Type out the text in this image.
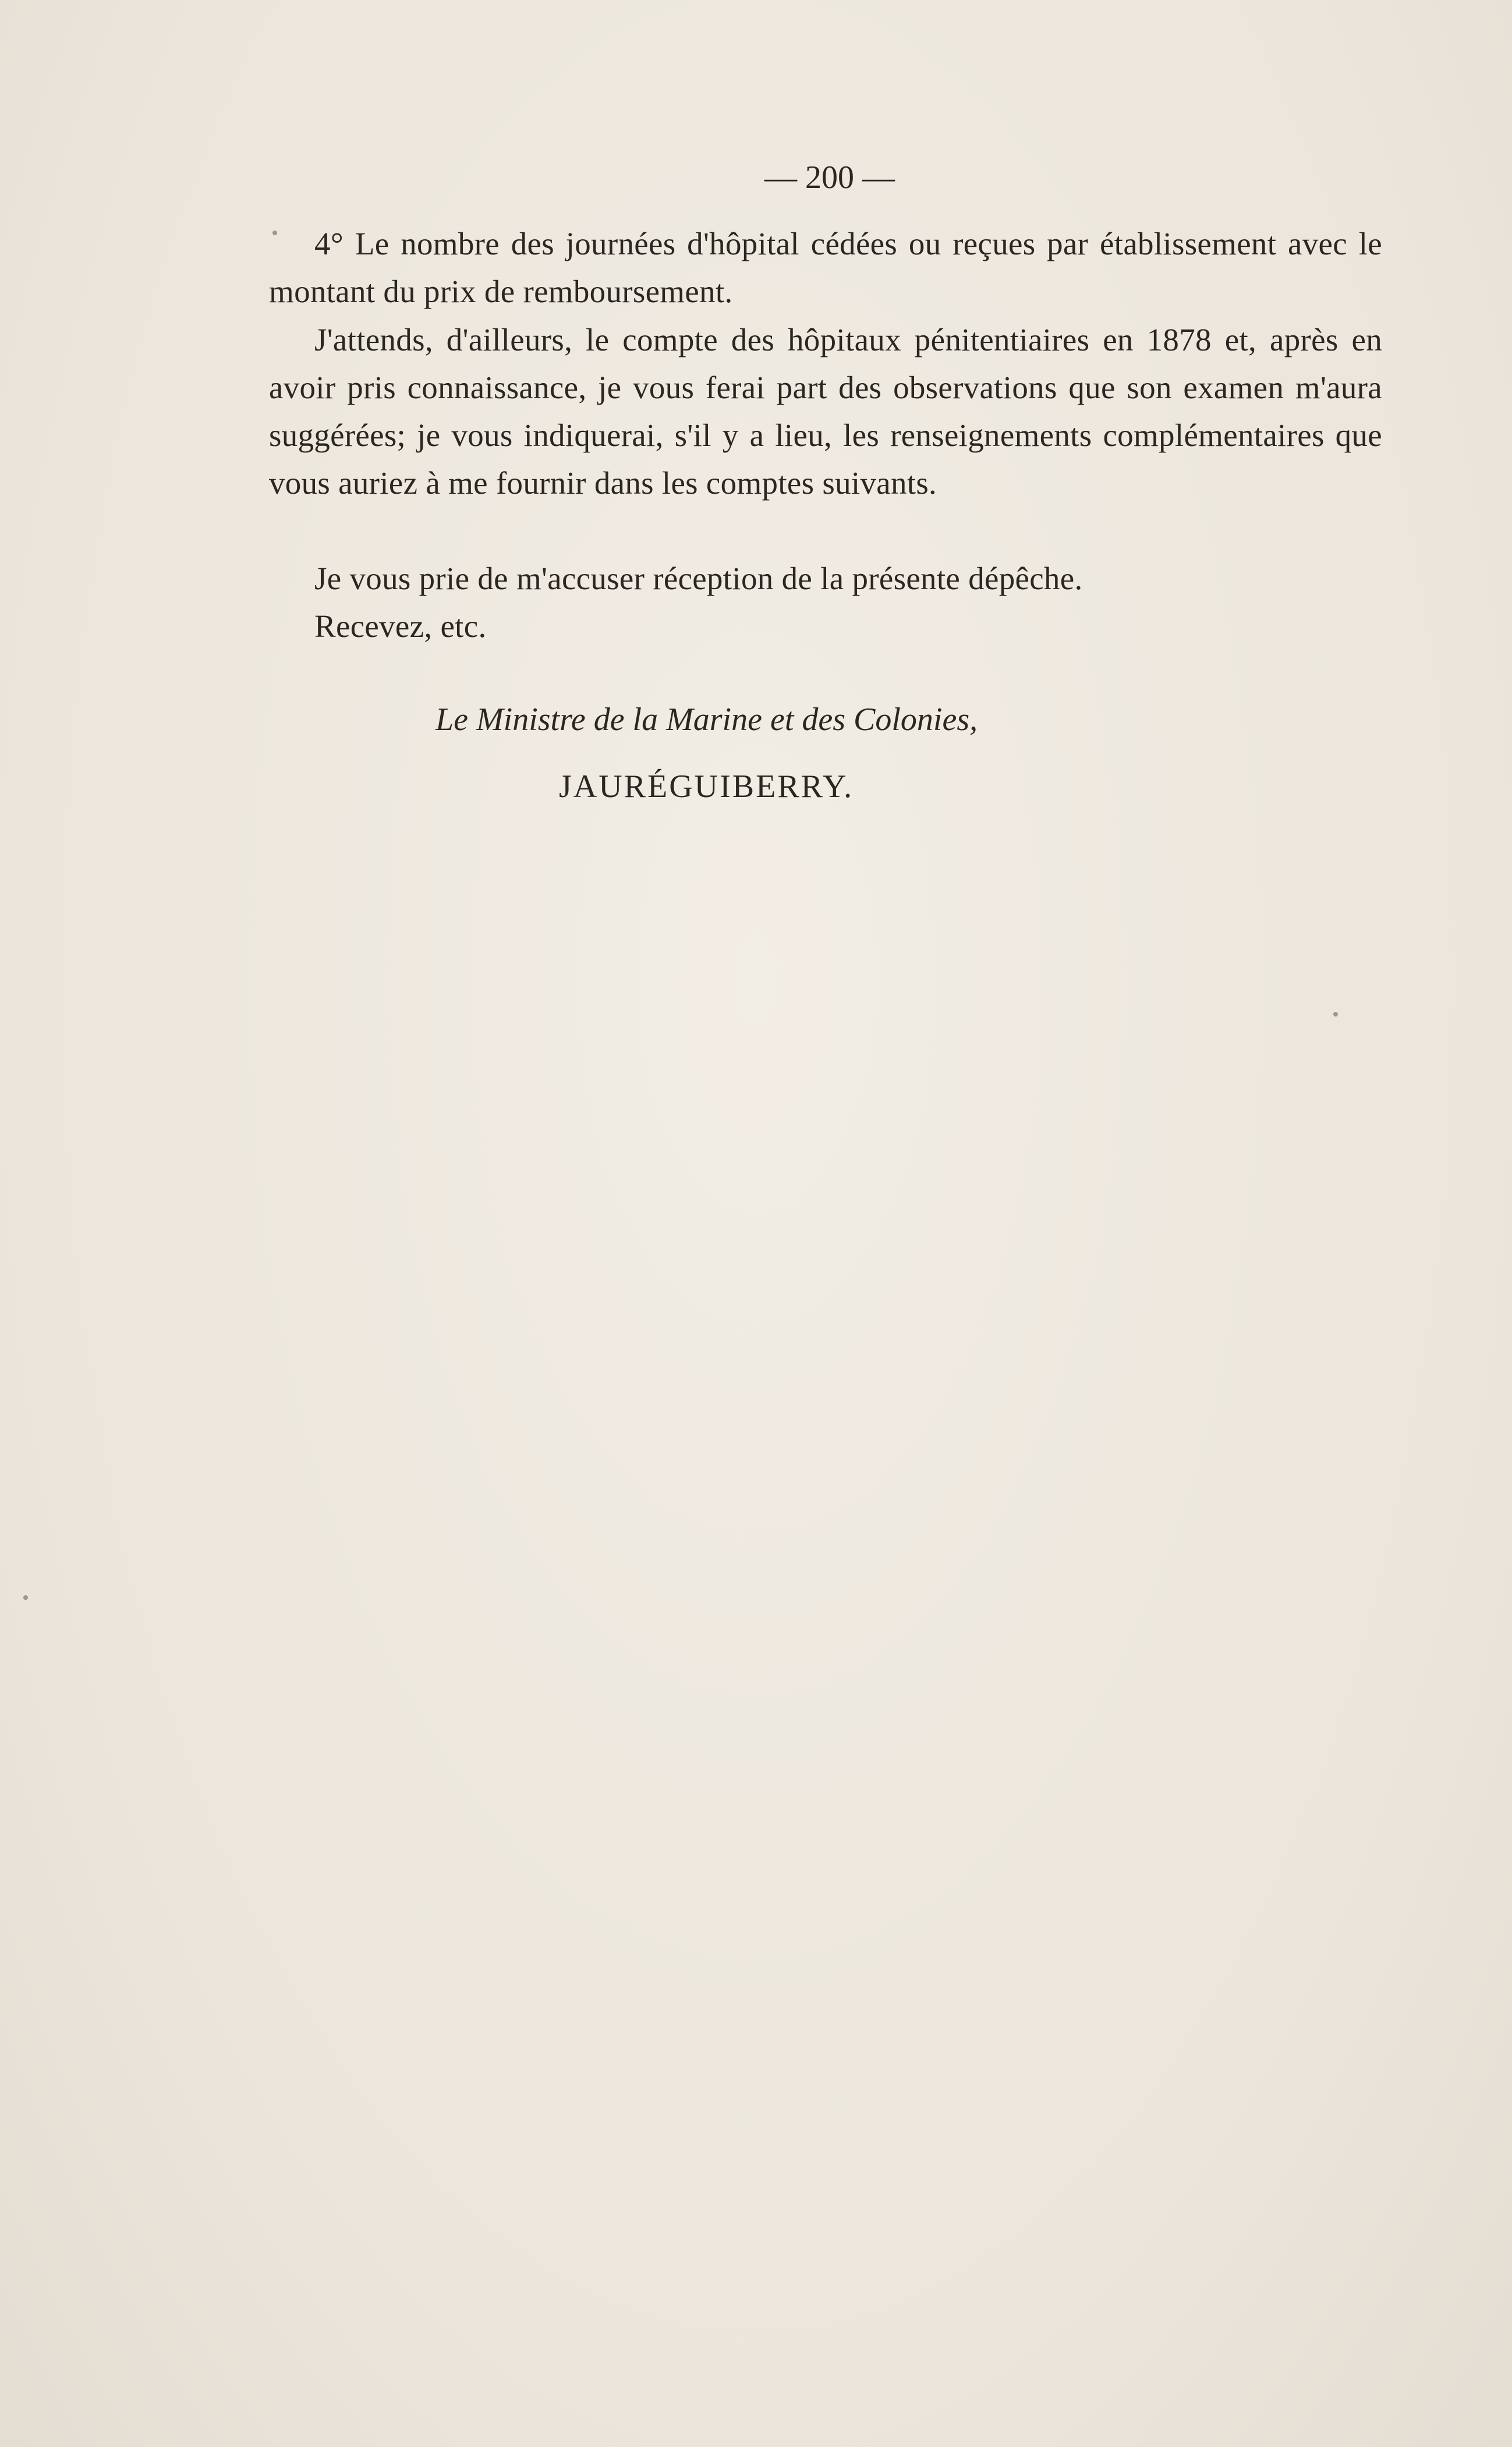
— 200 —

4° Le nombre des journées d'hôpital cédées ou reçues par établissement avec le montant du prix de remboursement.

J'attends, d'ailleurs, le compte des hôpitaux pénitentiaires en 1878 et, après en avoir pris connaissance, je vous ferai part des observations que son examen m'aura suggérées; je vous indiquerai, s'il y a lieu, les renseignements complémentaires que vous auriez à me fournir dans les comptes suivants.

Je vous prie de m'accuser réception de la présente dépêche.

Recevez, etc.

Le Ministre de la Marine et des Colonies,
JAURÉGUIBERRY.
